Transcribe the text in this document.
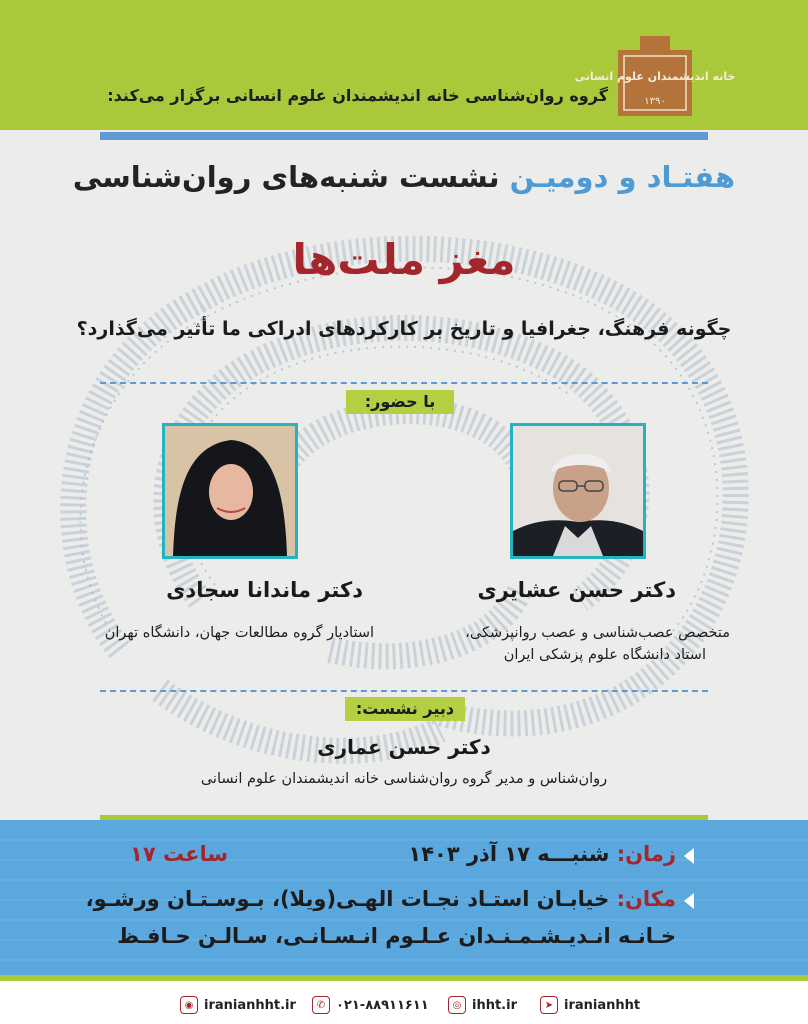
خانه اندیشمندان علوم انسانی
۱۳۹۰
گروه روان‌شناسی خانه اندیشمندان علوم انسانی برگزار می‌کند:
هفتـاد و دومیـن نشست شنبه‌های روان‌شناسی
مغز ملت‌ها
چگونه فرهنگ، جغرافیا و تاریخ بر کارکردهای ادراکی ما تأثیر می‌گذارد؟
با حضور:
دکتر حسن عشایری
متخصص عصب‌شناسی و عصب روانپزشکی،
استاد دانشگاه علوم پزشکی ایران
دکتر ماندانا سجادی
استادیار گروه مطالعات جهان، دانشگاه تهران
دبیر نشست:
دکتر حسن عماری
روان‌شناس و مدیر گروه روان‌شناسی خانه اندیشمندان علوم انسانی
زمان: شنبـــه ۱۷ آذر ۱۴۰۳
ساعت ۱۷
مکان: خیابـان استـاد نجـات الهـی(ویلا)، بـوسـتـان ورشـو،
خـانـه انـدیـشـمـنـدان عـلـوم انـسـانـی، سـالـن حـافـظ
➤ iranianhht
◎ ihht.ir
✆ ۰۲۱-۸۸۹۱۱۶۱۱
◉ iranianhht.ir
